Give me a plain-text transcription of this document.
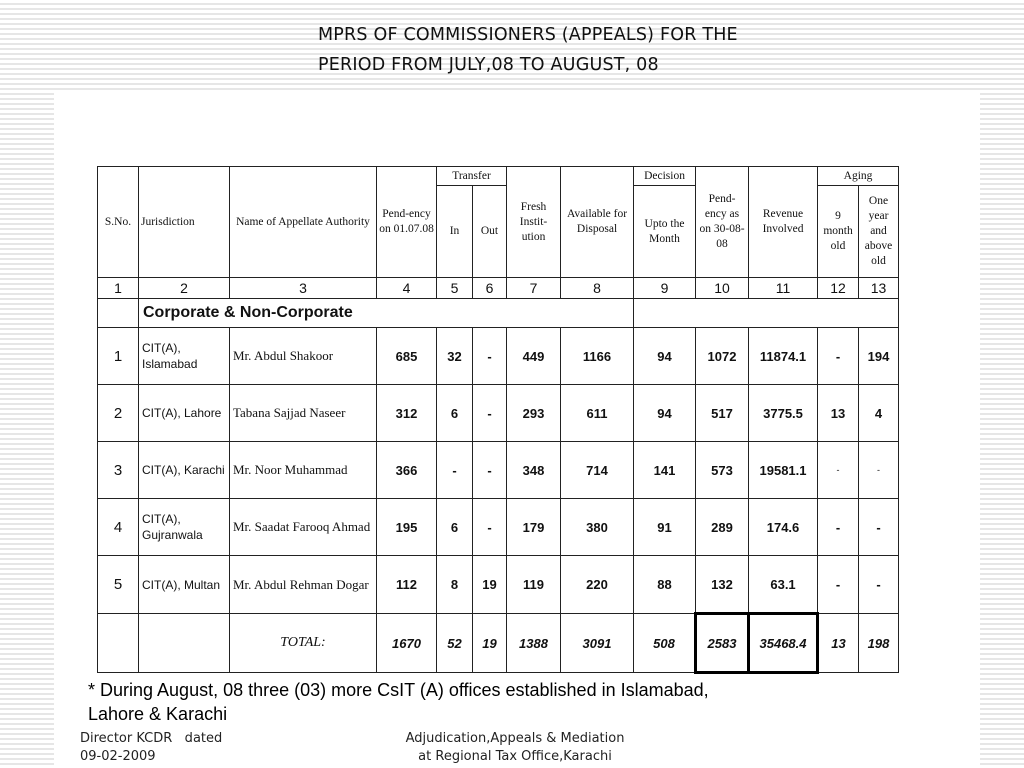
MPRS OF COMMISSIONERS (APPEALS) FOR THE
PERIOD FROM JULY,08 TO AUGUST, 08
S.No.	Jurisdiction	Name of Appellate Authority	Pend-ency on 01.07.08	Transfer		Fresh Instit-ution	Available for Disposal	Decision	Pend-ency as on 30-08-08	Revenue Involved	Aging	
				In	Out			Upto the Month			9 month old	One year and above old
1	2	3	4	5	6	7	8	9	10	11	12	13
	Corporate & Non-Corporate											
1	CIT(A), Islamabad	Mr. Abdul Shakoor	685	32	-	449	1166	94	1072	11874.1	-	194
2	CIT(A), Lahore	Tabana Sajjad Naseer	312	6	-	293	611	94	517	3775.5	13	4
3	CIT(A), Karachi	Mr. Noor Muhammad	366	-	-	348	714	141	573	19581.1	-	-
4	CIT(A), Gujranwala	Mr. Saadat Farooq Ahmad	195	6	-	179	380	91	289	174.6	-	-
5	CIT(A), Multan	Mr. Abdul Rehman Dogar	112	8	19	119	220	88	132	63.1	-	-
		TOTAL:	1670	52	19	1388	3091	508	2583	35468.4	13	198
* During August, 08 three (03) more CsIT (A) offices established in Islamabad,
Lahore & Karachi
Director KCDR   dated
09-02-2009
Adjudication,Appeals & Mediation
at Regional Tax Office,Karachi
